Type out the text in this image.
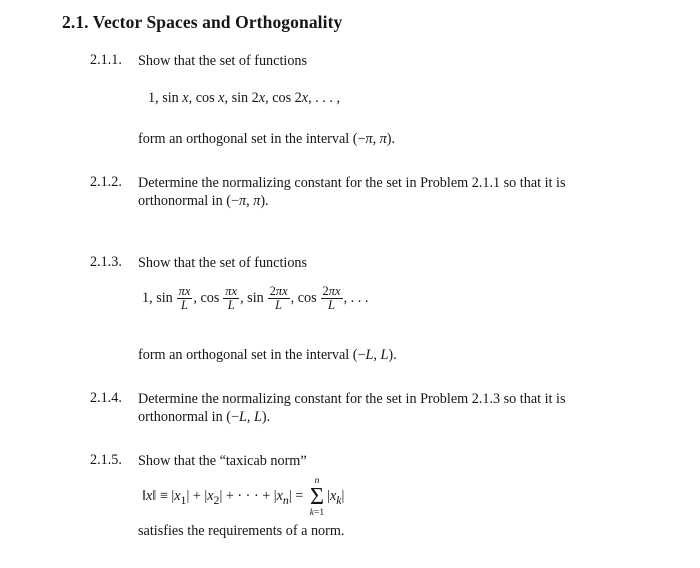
2.1. Vector Spaces and Orthogonality
2.1.1. Show that the set of functions
1, sin x, cos x, sin 2x, cos 2x, . . . ,
form an orthogonal set in the interval (−π, π).
2.1.2. Determine the normalizing constant for the set in Problem 2.1.1 so that it is
orthonormal in (−π, π).
2.1.3. Show that the set of functions
1, $\sin \frac{\pi x}{L}$ , $\cos \frac{\pi x}{L}$ , $\sin \frac{2\pi x}{L}$ , $\cos \frac{2\pi x}{L}$ , . . .
form an orthogonal set in the interval (−L, L).
2.1.4. Determine the normalizing constant for the set in Problem 2.1.3 so that it is
orthonormal in (−L, L).
2.1.5. Show that the “taxicab norm”
‖x‖ ≡ $|x_1| + |x_2|$ + · · · + $|x_n|$ =
n
Σ
k=1
$|x_k|$
satisfies the requirements of a norm.
